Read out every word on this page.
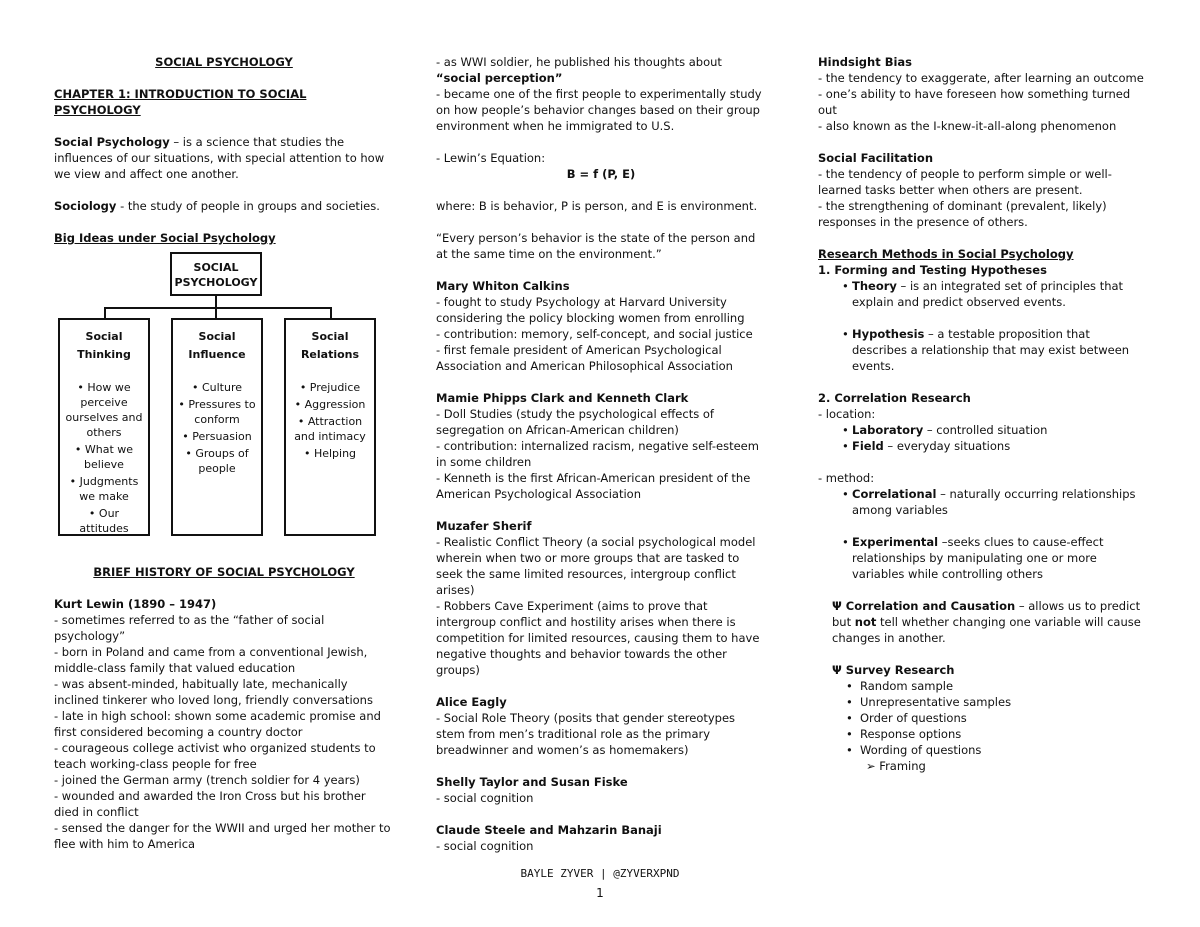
SOCIAL PSYCHOLOGY

CHAPTER 1: INTRODUCTION TO SOCIAL PSYCHOLOGY

Social Psychology – is a science that studies the influences of our situations, with special attention to how we view and affect one another.

Sociology - the study of people in groups and societies.

Big Ideas under Social Psychology

SOCIAL PSYCHOLOGY
Social Thinking
• How we perceive ourselves and others
• What we believe
• Judgments we make
• Our attitudes
Social Influence
• Culture
• Pressures to conform
• Persuasion
• Groups of people
Social Relations
• Prejudice
• Aggression
• Attraction and intimacy
• Helping

BRIEF HISTORY OF SOCIAL PSYCHOLOGY

Kurt Lewin (1890 – 1947)

- sometimes referred to as the “father of social psychology”

- born in Poland and came from a conventional Jewish, middle-class family that valued education

- was absent-minded, habitually late, mechanically inclined tinkerer who loved long, friendly conversations

- late in high school: shown some academic promise and first considered becoming a country doctor

- courageous college activist who organized students to teach working-class people for free

- joined the German army (trench soldier for 4 years)

- wounded and awarded the Iron Cross but his brother died in conflict

- sensed the danger for the WWII and urged her mother to flee with him to America

- as WWI soldier, he published his thoughts about

“social perception”

- became one of the first people to experimentally study on how people’s behavior changes based on their group environment when he immigrated to U.S.

- Lewin’s Equation:

B = f (P, E)

where: B is behavior, P is person, and E is environment.

“Every person’s behavior is the state of the person and at the same time on the environment.”

Mary Whiton Calkins

- fought to study Psychology at Harvard University considering the policy blocking women from enrolling

- contribution: memory, self-concept, and social justice

- first female president of American Psychological Association and American Philosophical Association

Mamie Phipps Clark and Kenneth Clark

- Doll Studies (study the psychological effects of segregation on African-American children)

- contribution: internalized racism, negative self-esteem in some children

- Kenneth is the first African-American president of the American Psychological Association

Muzafer Sherif

- Realistic Conflict Theory (a social psychological model wherein when two or more groups that are tasked to seek the same limited resources, intergroup conflict arises)

- Robbers Cave Experiment (aims to prove that intergroup conflict and hostility arises when there is competition for limited resources, causing them to have negative thoughts and behavior towards the other groups)

Alice Eagly

- Social Role Theory (posits that gender stereotypes stem from men’s traditional role as the primary breadwinner and women’s as homemakers)

Shelly Taylor and Susan Fiske

- social cognition

Claude Steele and Mahzarin Banaji

- social cognition

Hindsight Bias

- the tendency to exaggerate, after learning an outcome

- one’s ability to have foreseen how something turned out

- also known as the I-knew-it-all-along phenomenon

Social Facilitation

- the tendency of people to perform simple or well-learned tasks better when others are present.

- the strengthening of dominant (prevalent, likely) responses in the presence of others.

Research Methods in Social Psychology

1. Forming and Testing Hypotheses

• Theory – is an integrated set of principles that explain and predict observed events.

• Hypothesis – a testable proposition that describes a relationship that may exist between events.

2. Correlation Research

- location:

• Laboratory – controlled situation

• Field – everyday situations

- method:

• Correlational – naturally occurring relationships among variables

• Experimental –seeks clues to cause-effect relationships by manipulating one or more variables while controlling others

Ψ Correlation and Causation – allows us to predict but not tell whether changing one variable will cause changes in another.

Ψ Survey Research

• Random sample

• Unrepresentative samples

• Order of questions

• Response options

• Wording of questions

➢ Framing

BAYLE ZYVER | @ZYVERXPND
1
